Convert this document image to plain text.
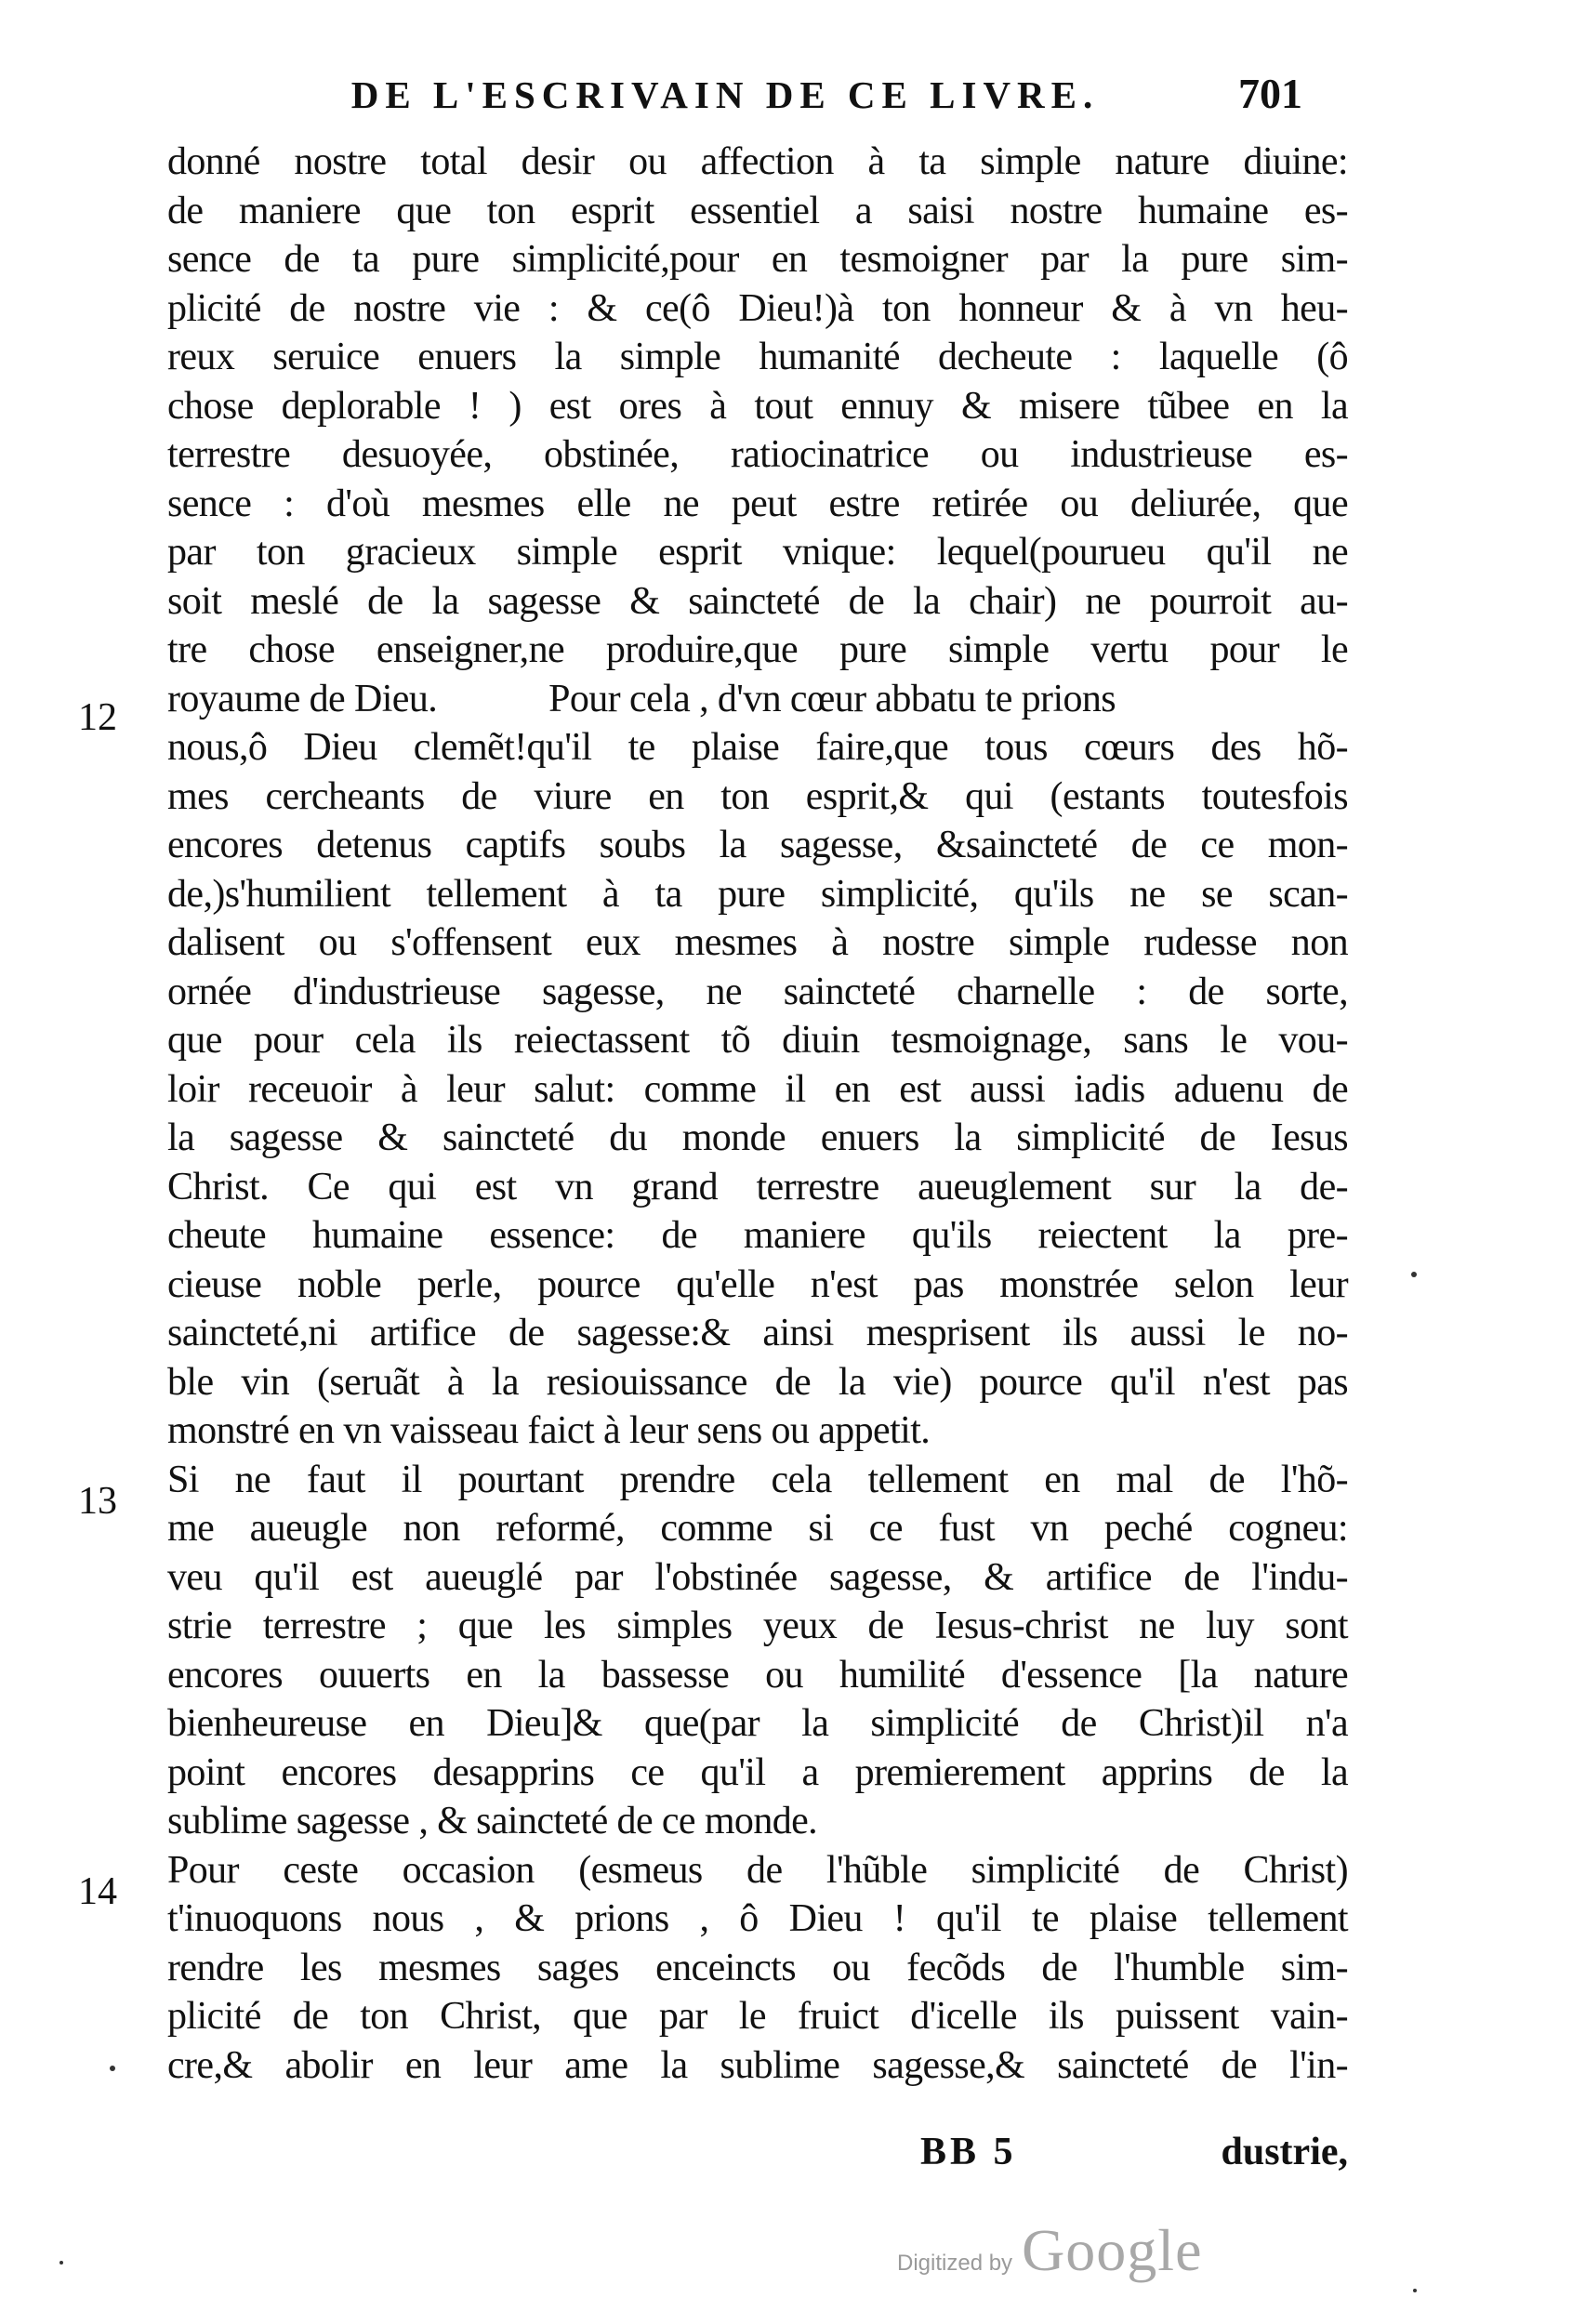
DE L'ESCRIVAIN DE CE LIVRE.	701
12
13
14
donné nostre total desir ou affection à ta simple nature diuine:
de maniere que ton esprit essentiel a saisi nostre humaine es-
sence de ta pure simplicité,pour en tesmoigner par la pure sim-
plicité de nostre vie : & ce(ô Dieu!)à ton honneur & à vn heu-
reux seruice enuers la simple humanité decheute : laquelle (ô
chose deplorable ! ) est ores à tout ennuy & misere tũbee en la
terrestre desuoyée, obstinée, ratiocinatrice ou industrieuse es-
sence : d'où mesmes elle ne peut estre retirée ou deliurée, que
par ton gracieux simple esprit vnique: lequel(pourueu qu'il ne
soit meslé de la sagesse & saincteté de la chair) ne pourroit au-
tre chose enseigner,ne produire,que pure simple vertu pour le
royaume de Dieu.	Pour cela , d'vn cœur abbatu te prions
nous,ô Dieu clemẽt!qu'il te plaise faire,que tous cœurs des hõ-
mes cercheants de viure en ton esprit,& qui (estants toutesfois
encores detenus captifs soubs la sagesse, &saincteté de ce mon-
de,)s'humilient tellement à ta pure simplicité, qu'ils ne se scan-
dalisent ou s'offensent eux mesmes à nostre simple rudesse non
ornée d'industrieuse sagesse, ne saincteté charnelle : de sorte,
que pour cela ils reiectassent tõ diuin tesmoignage, sans le vou-
loir receuoir à leur salut: comme il en est aussi iadis aduenu de
la sagesse & saincteté du monde enuers la simplicité de Iesus
Christ. Ce qui est vn grand terrestre aueuglement sur la de-
cheute humaine essence: de maniere qu'ils reiectent la pre-
cieuse noble perle, pource qu'elle n'est pas monstrée selon leur
saincteté,ni artifice de sagesse:& ainsi mesprisent ils aussi le no-
ble vin (seruãt à la resiouissance de la vie) pource qu'il n'est pas
monstré en vn vaisseau faict à leur sens ou appetit.
Si ne faut il pourtant prendre cela tellement en mal de l'hõ-
me aueugle non reformé, comme si ce fust vn peché cogneu:
veu qu'il est aueuglé par l'obstinée sagesse, & artifice de l'indu-
strie terrestre ; que les simples yeux de Iesus-christ ne luy sont
encores ouuerts en la bassesse ou humilité d'essence [la nature
bienheureuse en Dieu]& que(par la simplicité de Christ)il n'a
point encores desapprins ce qu'il a premierement apprins de la
sublime sagesse , & saincteté de ce monde.
Pour ceste occasion (esmeus de l'hũble simplicité de Christ)
t'inuoquons nous , & prions , ô Dieu ! qu'il te plaise tellement
rendre les mesmes sages enceincts ou fecõds de l'humble sim-
plicité de ton Christ, que par le fruict d'icelle ils puissent vain-
cre,& abolir en leur ame la sublime sagesse,& saincteté de l'in-
BB 5	dustrie,
Digitized by Google
